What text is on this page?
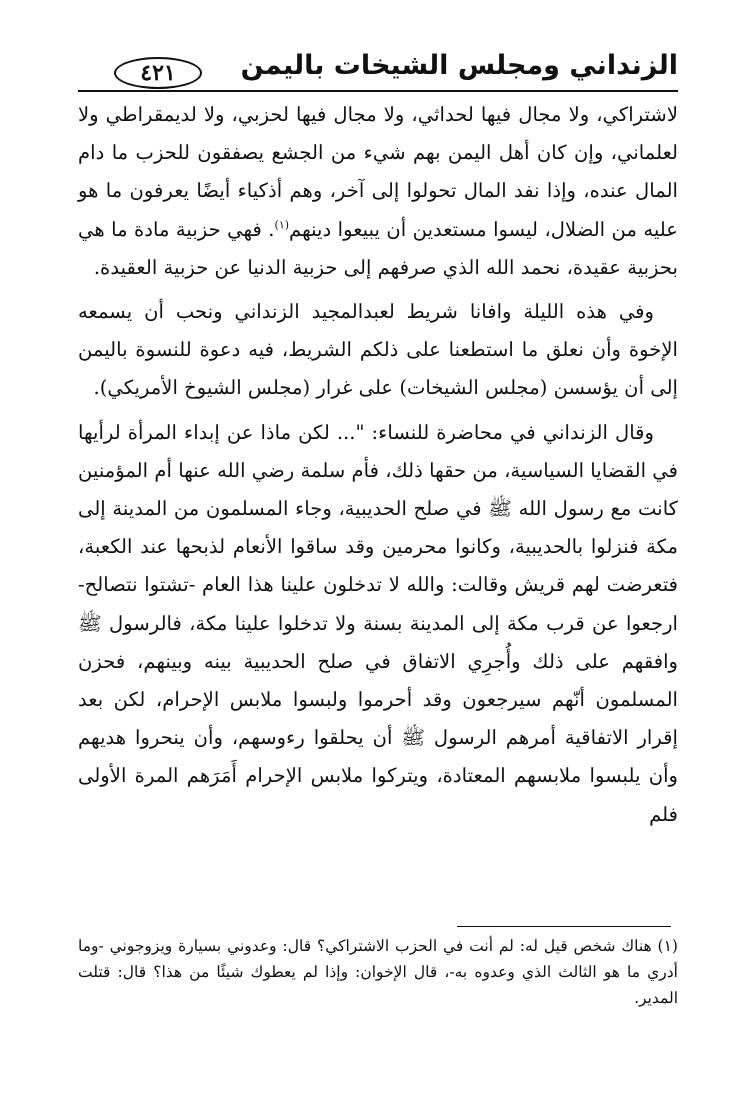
الزنداني ومجلس الشيخات باليمن
٤٢١

لاشتراكي، ولا مجال فيها لحداثي، ولا مجال فيها لحزبي، ولا لديمقراطي ولا لعلماني، وإن كان أهل اليمن بهم شيء من الجشع يصفقون للحزب ما دام المال عنده، وإذا نفد المال تحولوا إلى آخر، وهم أذكياء أيضًا يعرفون ما هو عليه من الضلال، ليسوا مستعدين أن يبيعوا دينهم$^{(١)}$. فهي حزبية مادة ما هي بحزبية عقيدة، نحمد الله الذي صرفهم إلى حزبية الدنيا عن حزبية العقيدة.

وفي هذه الليلة وافانا شريط لعبدالمجيد الزنداني ونحب أن يسمعه الإخوة وأن نعلق ما استطعنا على ذلكم الشريط، فيه دعوة للنسوة باليمن إلى أن يؤسسن (مجلس الشيخات) على غرار (مجلس الشيوخ الأمريكي).

وقال الزنداني في محاضرة للنساء: "... لكن ماذا عن إبداء المرأة لرأيها في القضايا السياسية، من حقها ذلك، فأم سلمة رضي الله عنها أم المؤمنين كانت مع رسول الله ﷺ في صلح الحديبية، وجاء المسلمون من المدينة إلى مكة فنزلوا بالحديبية، وكانوا محرمين وقد ساقوا الأنعام لذبحها عند الكعبة، فتعرضت لهم قريش وقالت: والله لا تدخلون علينا هذا العام -تشتوا نتصالح- ارجعوا عن قرب مكة إلى المدينة بسنة ولا تدخلوا علينا مكة، فالرسول ﷺ وافقهم على ذلك وأُجرِي الاتفاق في صلح الحديبية بينه وبينهم، فحزن المسلمون أنّهم سيرجعون وقد أحرموا ولبسوا ملابس الإحرام، لكن بعد إقرار الاتفاقية أمرهم الرسول ﷺ أن يحلقوا رءوسهم، وأن ينحروا هديهم وأن يلبسوا ملابسهم المعتادة، ويتركوا ملابس الإحرام أَمَرَهم المرة الأولى فلم

(١) هناك شخص قيل له: لم أنت في الحزب الاشتراكي؟ قال: وعدوني بسيارة ويزوجوني -وما أدري ما هو الثالث الذي وعدوه به-، قال الإخوان: وإذا لم يعطوك شيئًا من هذا؟ قال: قتلت المدير.
